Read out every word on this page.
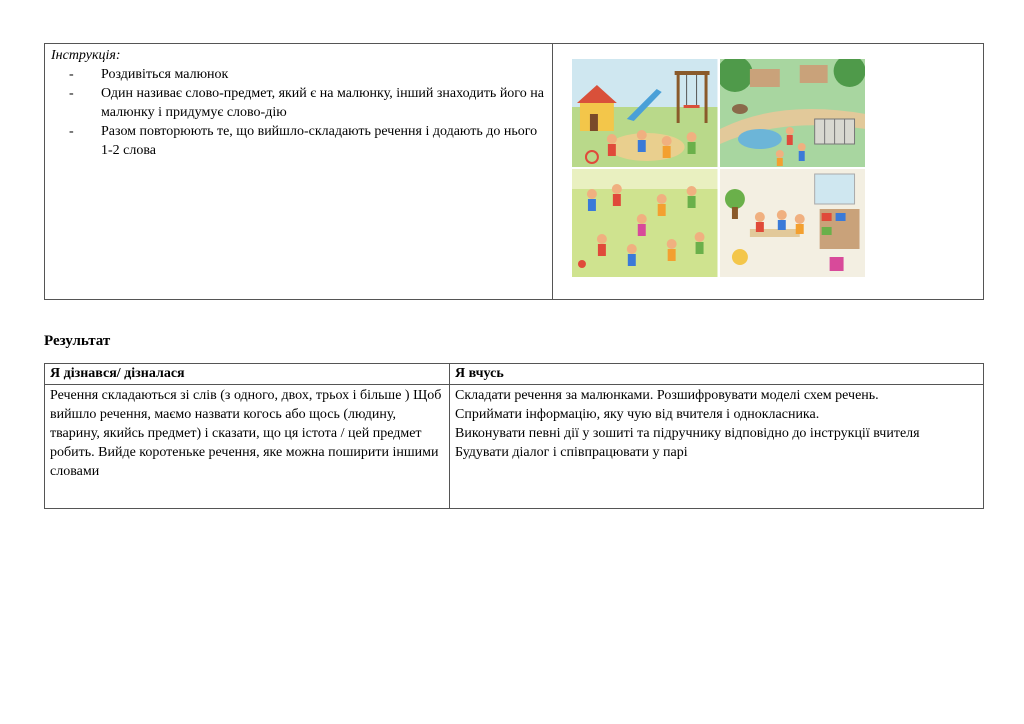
Інструкція:
- Роздивіться малюнок
- Один називає слово-предмет, який є на малюнку, інший знаходить його на малюнку і придумує слово-дію
- Разом повторюють те, що вийшло-складають речення і додають до нього 1-2 слова
Результат
Я дізнався/ дізналася	Я вчусь
Речення складаються зі слів (з одного, двох, трьох і більше ) Щоб вийшло речення, маємо назвати когось або щось (людину, тварину, якийсь предмет) і сказати, що ця істота / цей предмет робить. Вийде коротеньке речення, яке можна поширити іншими словами
Складати речення за малюнками. Розшифровувати моделі схем речень.
Сприймати інформацію, яку чую від вчителя і однокласника.
Виконувати певні дії у зошиті та підручнику відповідно до інструкції вчителя
Будувати діалог і співпрацювати у парі
